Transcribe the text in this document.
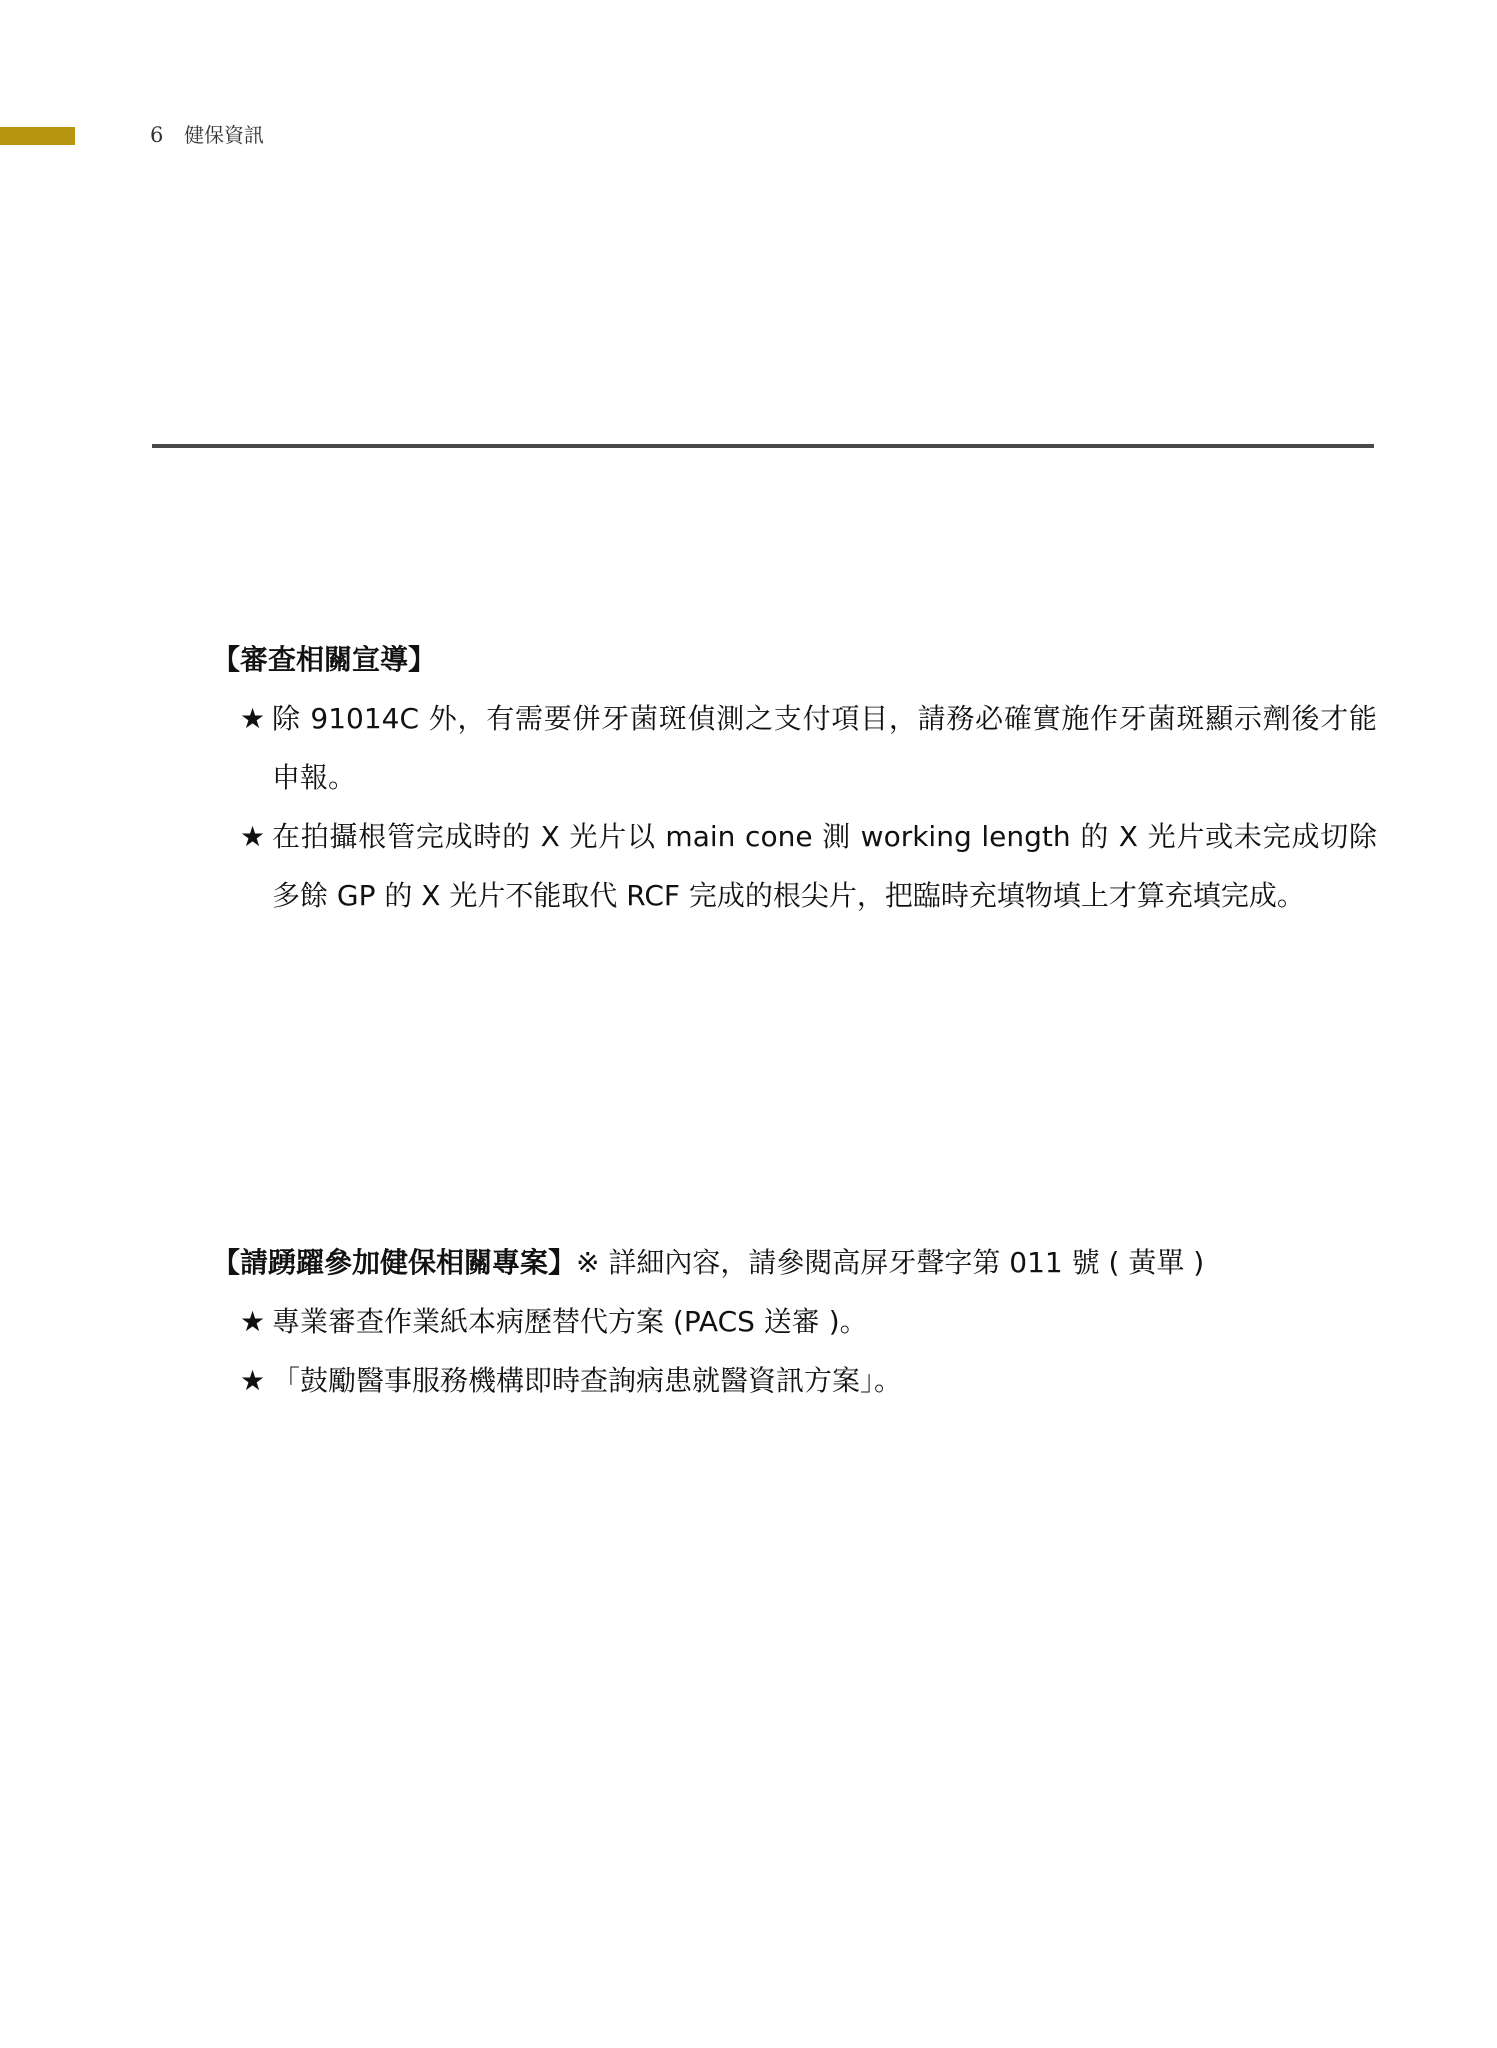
6 健保資訊
【審查相關宣導】
★ 除 91014C 外，有需要併牙菌斑偵測之支付項目，請務必確實施作牙菌斑顯示劑後才能申報。
★ 在拍攝根管完成時的 X 光片以 main cone 測 working length 的 X 光片或未完成切除多餘 GP 的 X 光片不能取代 RCF 完成的根尖片，把臨時充填物填上才算充填完成。
【請踴躍參加健保相關專案】※ 詳細內容，請參閱高屏牙聲字第 011 號 ( 黃單 )
★ 專業審查作業紙本病歷替代方案 (PACS 送審 )。
★ 「鼓勵醫事服務機構即時查詢病患就醫資訊方案」。
